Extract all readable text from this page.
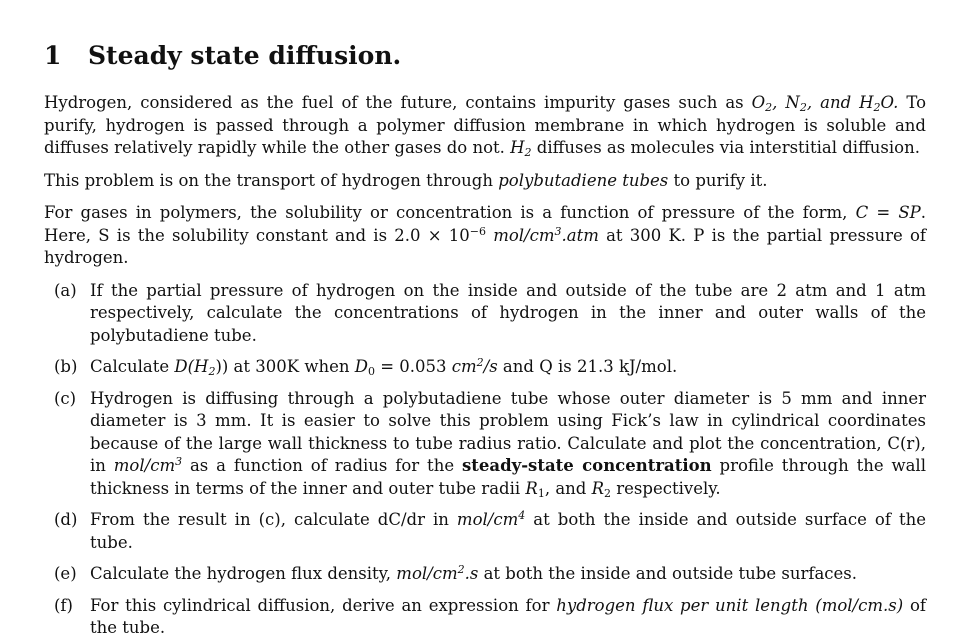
1	Steady state diffusion.

Hydrogen, considered as the fuel of the future, contains impurity gases such as $O_2$, $N_2$, and $H_2O$. To purify, hydrogen is passed through a polymer diffusion membrane in which hydrogen is soluble and diffuses relatively rapidly while the other gases do not. $H_2$ diffuses as molecules via interstitial diffusion.

This problem is on the transport of hydrogen through polybutadiene tubes to purify it.

For gases in polymers, the solubility or concentration is a function of pressure of the form, C = SP. Here, S is the solubility constant and is $2.0 \times 10^{-6}$ mol/$cm^3.atm$ at 300 K. P is the partial pressure of hydrogen.

(a) If the partial pressure of hydrogen on the inside and outside of the tube are 2 atm and 1 atm respectively, calculate the concentrations of hydrogen in the inner and outer walls of the polybutadiene tube.
(b) Calculate $D(H_2)$) at 300K when $D_0 = 0.053$ $cm^2/s$ and Q is 21.3 kJ/mol.
(c) Hydrogen is diffusing through a polybutadiene tube whose outer diameter is 5 mm and inner diameter is 3 mm. It is easier to solve this problem using Fick’s law in cylindrical coordinates because of the large wall thickness to tube radius ratio. Calculate and plot the concentration, C(r), in mol/$cm^3$ as a function of radius for the steady-state concentration profile through the wall thickness in terms of the inner and outer tube radii $R_1$, and $R_2$ respectively.
(d) From the result in (c), calculate dC/dr in mol/$cm^4$ at both the inside and outside surface of the tube.
(e) Calculate the hydrogen flux density, mol/$cm^2.s$ at both the inside and outside tube surfaces.
(f)	For this cylindrical diffusion, derive an expression for hydrogen flux per unit length (mol/cm.s) of the tube.
